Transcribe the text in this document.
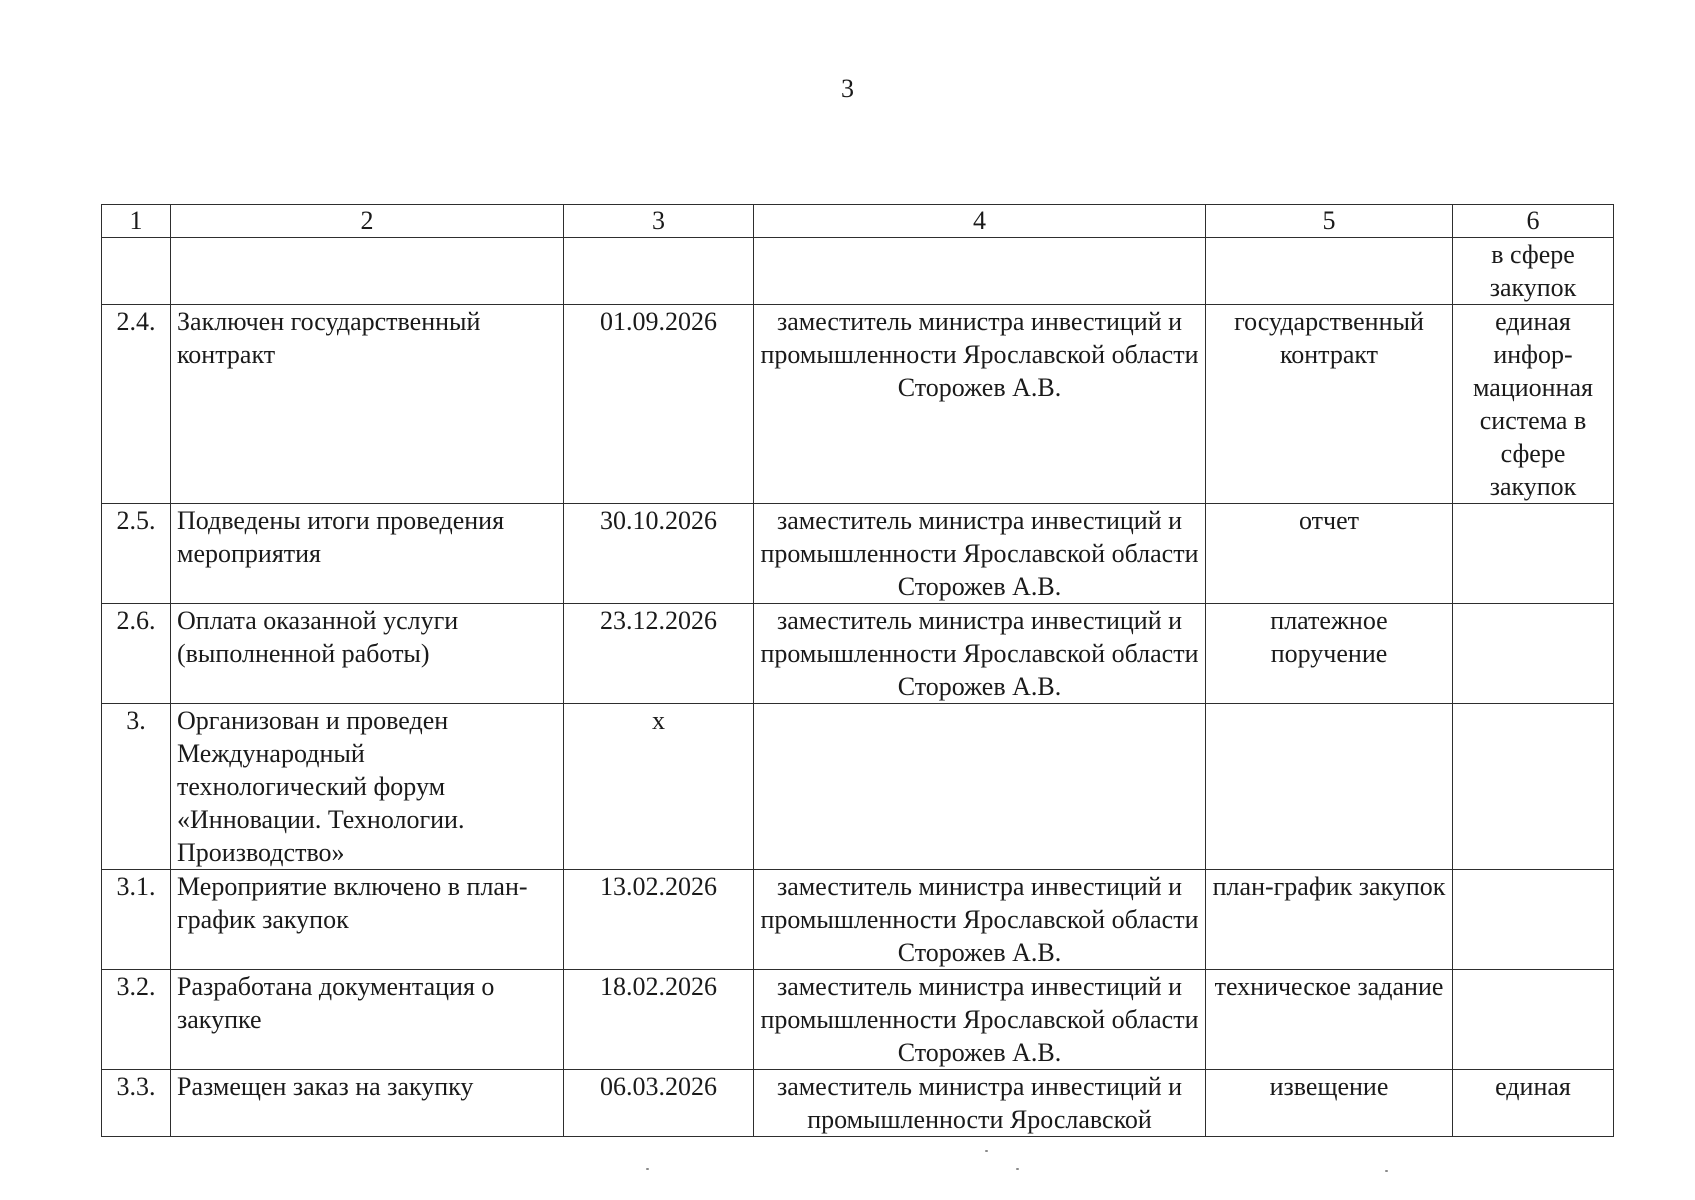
3
1	2	3	4	5	6
					в сфере закупок
2.4.	Заключен государственный контракт	01.09.2026	заместитель министра инвестиций и промышленности Ярославской области Сторожев А.В.	государственный контракт	единая инфор-мационная система в сфере закупок
2.5.	Подведены итоги проведения мероприятия	30.10.2026	заместитель министра инвестиций и промышленности Ярославской области Сторожев А.В.	отчет	
2.6.	Оплата оказанной услуги (выполненной работы)	23.12.2026	заместитель министра инвестиций и промышленности Ярославской области Сторожев А.В.	платежное поручение	
3.	Организован и проведен Международный технологический форум «Инновации. Технологии. Производство»	х			
3.1.	Мероприятие включено в план-график закупок	13.02.2026	заместитель министра инвестиций и промышленности Ярославской области Сторожев А.В.	план-график закупок	
3.2.	Разработана документация о закупке	18.02.2026	заместитель министра инвестиций и промышленности Ярославской области Сторожев А.В.	техническое задание	
3.3.	Размещен заказ на закупку	06.03.2026	заместитель министра инвестиций и промышленности Ярославской	извещение	единая
